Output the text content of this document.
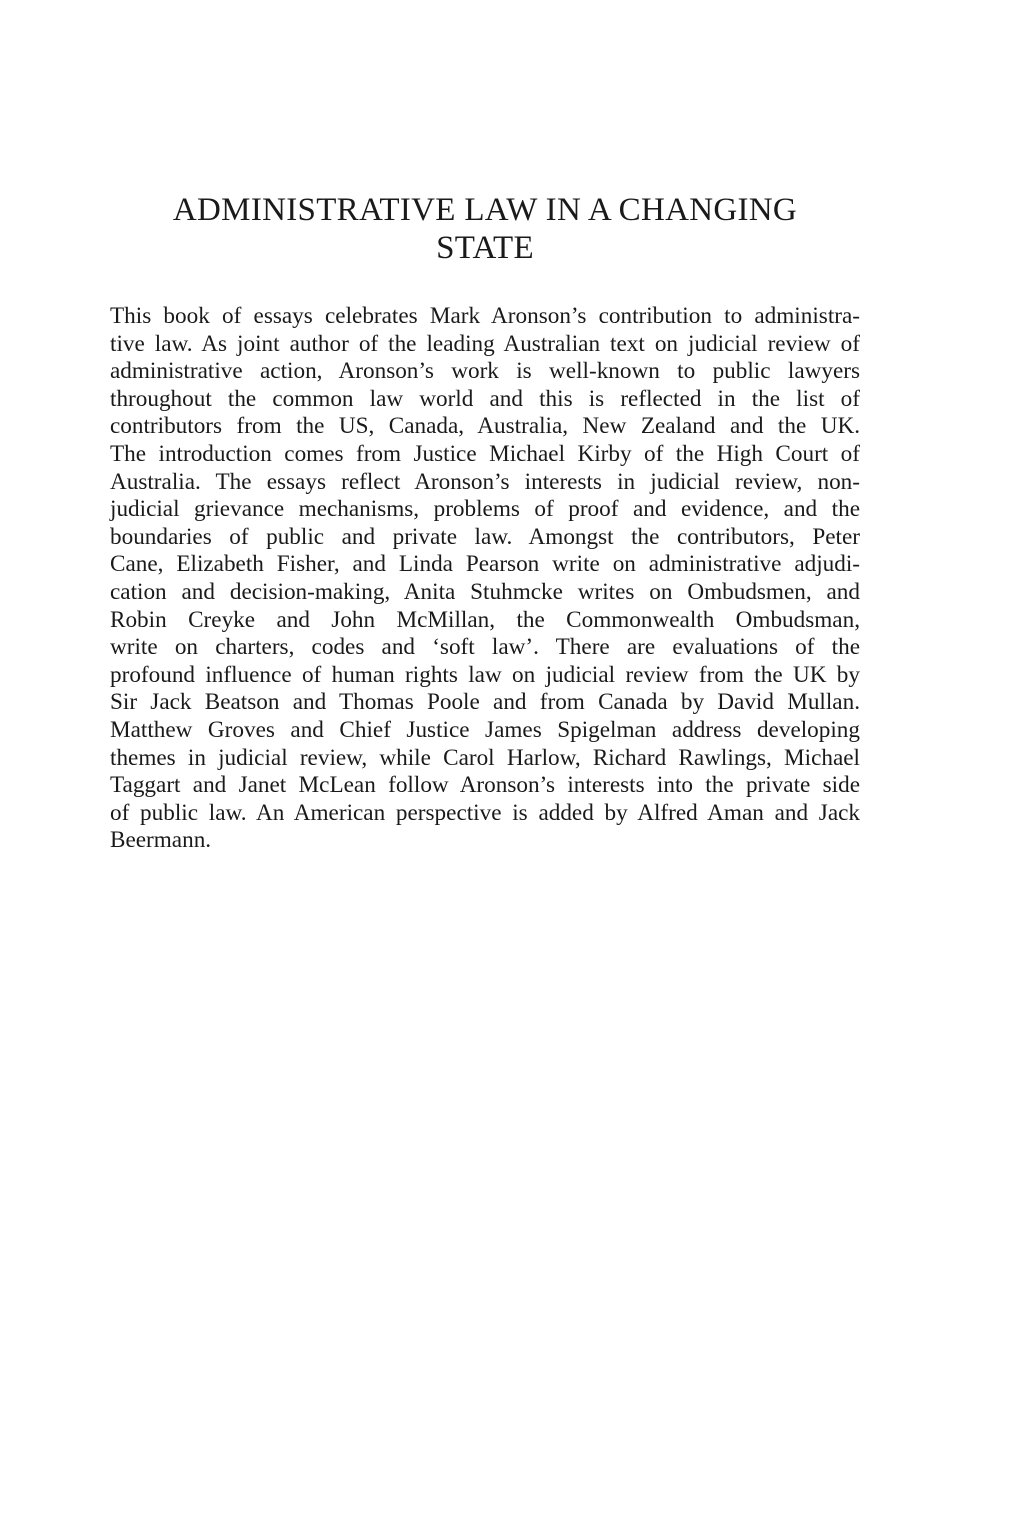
ADMINISTRATIVE LAW IN A CHANGING
STATE

This book of essays celebrates Mark Aronson’s contribution to administra-
tive law. As joint author of the leading Australian text on judicial review of
administrative action, Aronson’s work is well-known to public lawyers
throughout the common law world and this is reflected in the list of
contributors from the US, Canada, Australia, New Zealand and the UK.
The introduction comes from Justice Michael Kirby of the High Court of
Australia. The essays reflect Aronson’s interests in judicial review, non-
judicial grievance mechanisms, problems of proof and evidence, and the
boundaries of public and private law. Amongst the contributors, Peter
Cane, Elizabeth Fisher, and Linda Pearson write on administrative adjudi-
cation and decision-making, Anita Stuhmcke writes on Ombudsmen, and
Robin Creyke and John McMillan, the Commonwealth Ombudsman,
write on charters, codes and ‘soft law’. There are evaluations of the
profound influence of human rights law on judicial review from the UK by
Sir Jack Beatson and Thomas Poole and from Canada by David Mullan.
Matthew Groves and Chief Justice James Spigelman address developing
themes in judicial review, while Carol Harlow, Richard Rawlings, Michael
Taggart and Janet McLean follow Aronson’s interests into the private side
of public law. An American perspective is added by Alfred Aman and Jack
Beermann.
